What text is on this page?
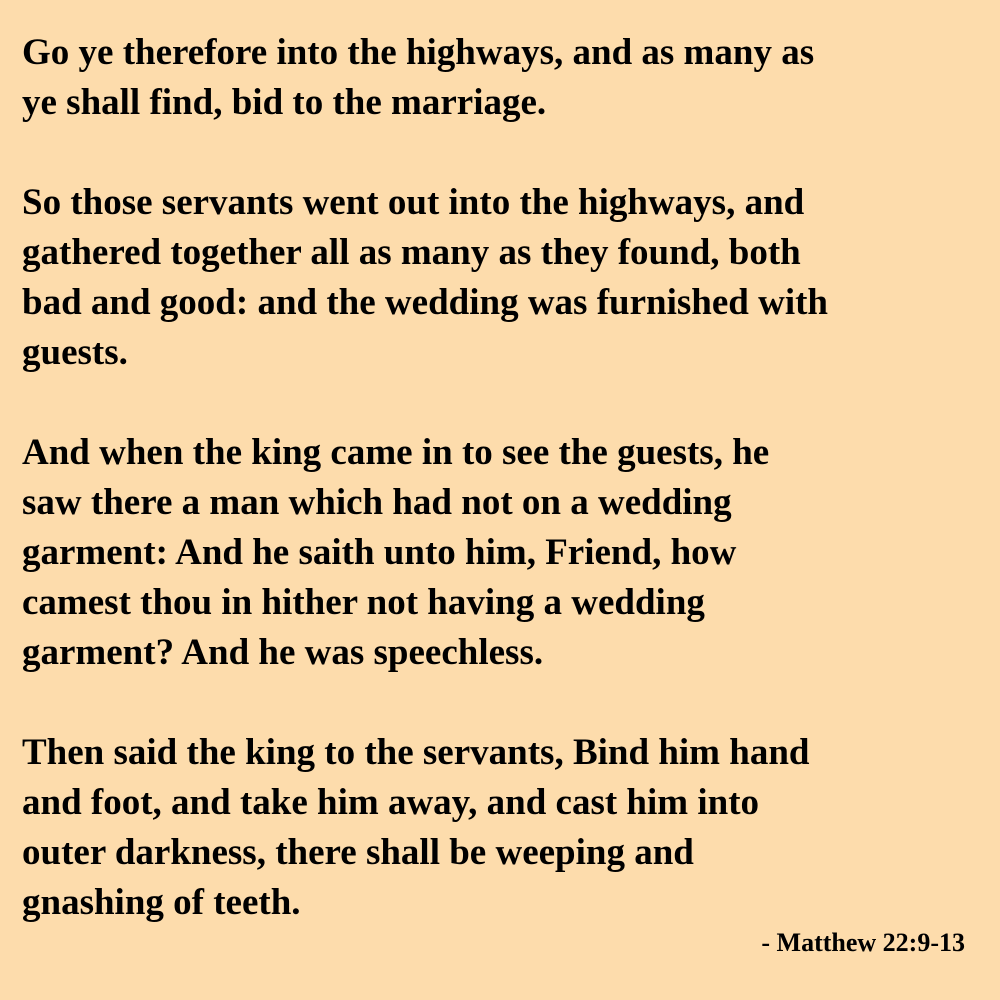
Go ye therefore into the highways, and as many as
ye shall find, bid to the marriage.

So those servants went out into the highways, and
gathered together all as many as they found, both
bad and good: and the wedding was furnished with
guests.

And when the king came in to see the guests, he
saw there a man which had not on a wedding
garment: And he saith unto him, Friend, how
camest thou in hither not having a wedding
garment? And he was speechless.

Then said the king to the servants, Bind him hand
and foot, and take him away, and cast him into
outer darkness, there shall be weeping and
gnashing of teeth.

- Matthew 22:9-13
